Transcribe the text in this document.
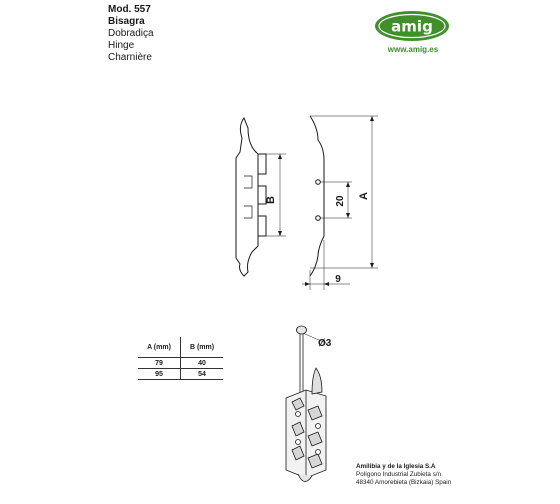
Mod. 557
Bisagra
Dobradiça
Hinge
Charnière
amig
www.amig.es
B
A
20
9
Ø3
A (mm)	B (mm)
79	40
95	54
Amilibia y de la Iglesia S.A
Polígono Industrial Zubieta s/n
48340 Amorebieta (Bizkaia) Spain
